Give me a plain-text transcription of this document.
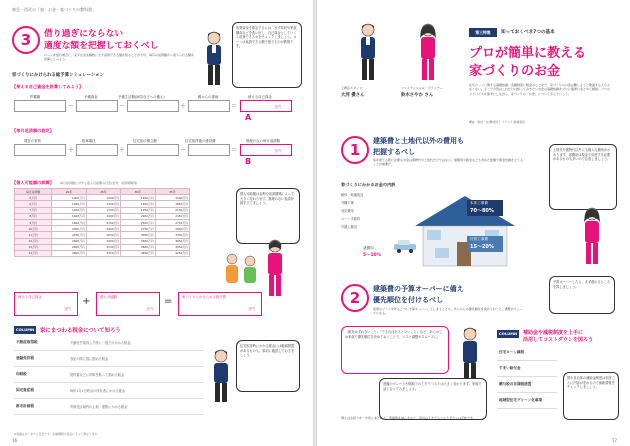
東急・西武の「家・お金・家づくりの教科書」
3	借り過ぎにならない
適度な額を把握しておくべし
ローンを組む場合に、まず生活を犠牲にせず返済できる額を知ることが大切。毎月の返済額から借りられる額を逆算してみよう。
所要資金を算定するには、まず年収や家族構成などを洗い出し、自己資金としていくら用意できるかをチェックしましょう。ローンは返済できる額で借りるのが鉄則です。
家づくりにかけられる総予算シミュレーション
【使える自己資金を計算してみよう】
貯蓄額	予備資金	予備生活費(病気などへの備え)	親からの援助	使える自己資金
－	－	＋	＝	万円
A
【毎月返済額の設定】
現在の家賃	駐車場代	住宅用の積立額	住宅取得後の維持費	無理のない毎月返済額
＋	＋	－	＝	万円
B
【借入可能額の試算】 毎月返済額に対する借入可能額の目安(金利・返済期間別)
毎月返済額	20年	25年	30年	35年
5万円	1000万円	1200万円	1400万円	1500万円
6万円	1200万円	1450万円	1650万円	1850万円
7万円	1400万円	1700万円	1950万円	2150万円
8万円	1600万円	1900万円	2200万円	2450万円
9万円	1800万円	2150万円	2500万円	2750万円
10万円	2000万円	2400万円	2750万円	3050万円
11万円	2200万円	2650万円	3050万円	3350万円
12万円	2400万円	2900万円	3300万円	3650万円
13万円	2600万円	3100万円	3600万円	3950万円
14万円	2800万円	3350万円	3850万円	4250万円
借入可能額は金利や返済期間によって大きく変わります。無理のない返済計画を立てましょう。
使える自己資金
万円
+	借入可能額
万円
=	家づくりにかけられる総予算
万円
COLUMN	家にまつわる税金について知ろう
不動産取得税	不動産を取得した時に一度だけかかる税金
登録免許税	登記の際に国に納める税金
印紙税	契約書などに印紙を貼って納める税金
固定資産税	毎年1月1日時点の所有者にかかる税金
都市計画税	市街化区域内の土地・建物にかかる税金
住宅取得時にかかる税金には軽減措置があるものも。事前に確認しておきましょう。
※数値はあくまでも目安です。金融機関や商品によって異なります。
16
工務店スタッフ
大河 優さん
ファイナンシャル・プランナー
鈴木さやか さん
第三特集	知っておくべき7つの基本
プロが簡単に教える
家づくりのお金
住宅ローンに関する基礎知識、各種制度に税金のことまで、家づくりのお金は難しそうと敬遠する人も少なくない。そこで今回はこれだけは知っておきたいお金の基礎知識をプロに簡単にまとめて解説。プロのアドバイスを参考にしながら、家づくりの「お金」について学んでいこう。
構成・取材・文/樫村悦子 イラスト/高橋美香
1	建築費と土地代以外の費用も
把握するべし
家を建てる際に必要なお金は建物代や土地代だけではない。諸費用や税金なども含めた総額で資金計画を立てることが重要だ。
家づくりにかかるお金の内訳
解体・地盤改良
外構工事
登記費用
ローン手数料
引越し費用
本体工事費
70～80%
付帯工事費
15～20%
諸費用
5～10%
土地代や建物代以外にも様々な費用がかかります。諸費用は現金で用意する必要があるものも多いので注意しましょう。
2	建築費の予算オーバーに備え
優先順位を付けるべし
希望のプランを作るとつい予算オーバーしてしまうことも。あらかじめ優先順位を決めておくと、調整がスムーズになる。
予算オーバーしたら、まず削れるところを探しましょう。
「絶対ゆずれないこと」「できればあるといいこと」など、あらかじめ家族で優先順位を決めておくことで、コスト調整がスムーズに。
設備のグレードや間取りの工夫でコストは大きく変わります。家族で話し合ってみましょう。
例えば水回りを一か所にまとめる、部屋数を減らすなど、設計の工夫でもコストダウンは可能です。
COLUMN	補助金や減税制度を上手に
活用してコストダウンを図ろう
住宅ローン減税
すまい給付金
贈与税の非課税措置
地域型住宅グリーン化事業
国や自治体の補助金制度は年度ごとに内容が変わるので最新情報をチェックしましょう。
17
